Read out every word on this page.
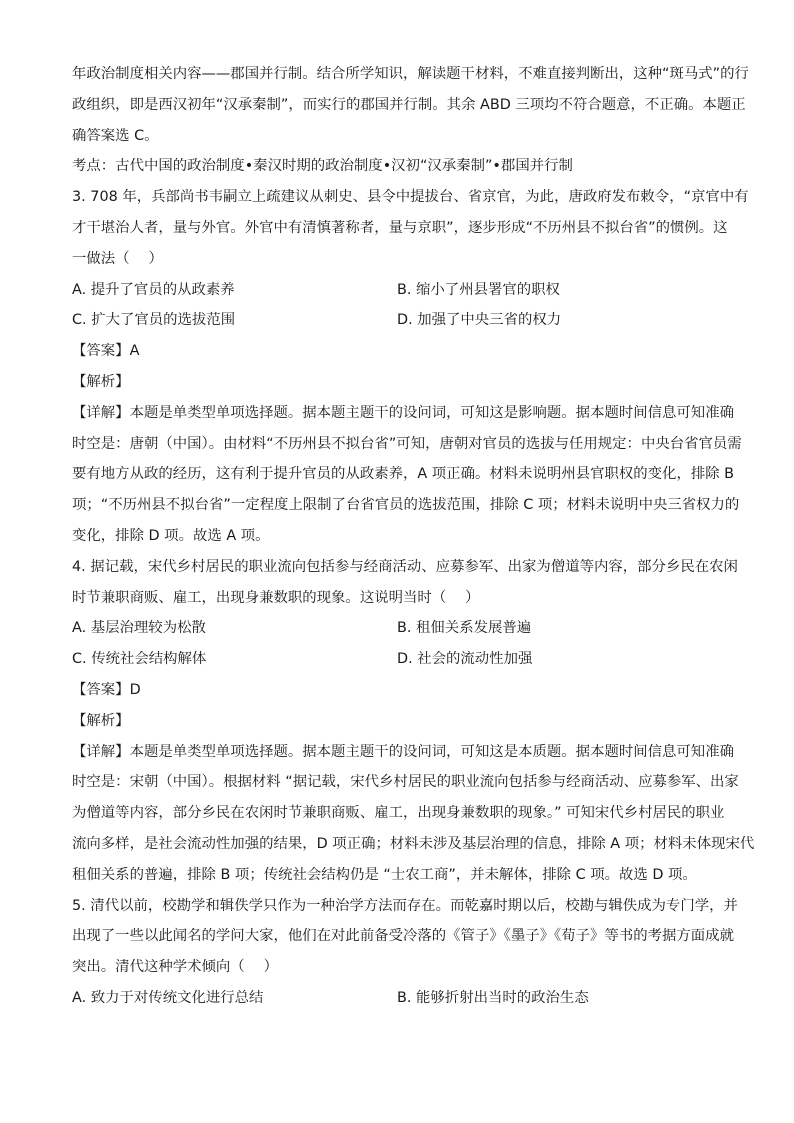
年政治制度相关内容——郡国并行制。结合所学知识，解读题干材料，不难直接判断出，这种“斑马式”的行
政组织，即是西汉初年“汉承秦制”，而实行的郡国并行制。其余 ABD 三项均不符合题意，不正确。本题正
确答案选 C。
考点：古代中国的政治制度•秦汉时期的政治制度•汉初“汉承秦制”•郡国并行制
3. 708 年，兵部尚书韦嗣立上疏建议从刺史、县令中提拔台、省京官，为此，唐政府发布敕令，“京官中有
才干堪治人者，量与外官。外官中有清慎著称者，量与京职”，逐步形成“不历州县不拟台省”的惯例。这
一做法（　 ）
A. 提升了官员的从政素养	B. 缩小了州县署官的职权
C. 扩大了官员的选拔范围	D. 加强了中央三省的权力
【答案】A
【解析】
【详解】本题是单类型单项选择题。据本题主题干的设问词，可知这是影响题。据本题时间信息可知准确
时空是：唐朝（中国）。由材料“不历州县不拟台省”可知，唐朝对官员的选拔与任用规定：中央台省官员需
要有地方从政的经历，这有利于提升官员的从政素养，A 项正确。材料未说明州县官职权的变化，排除 B
项；“不历州县不拟台省”一定程度上限制了台省官员的选拔范围，排除 C 项；材料未说明中央三省权力的
变化，排除 D 项。故选 A 项。
4. 据记载，宋代乡村居民的职业流向包括参与经商活动、应募参军、出家为僧道等内容，部分乡民在农闲
时节兼职商贩、雇工，出现身兼数职的现象。这说明当时（　 ）
A. 基层治理较为松散	B. 租佃关系发展普遍
C. 传统社会结构解体	D. 社会的流动性加强
【答案】D
【解析】
【详解】本题是单类型单项选择题。据本题主题干的设问词，可知这是本质题。据本题时间信息可知准确
时空是：宋朝（中国）。根据材料 “据记载，宋代乡村居民的职业流向包括参与经商活动、应募参军、出家
为僧道等内容，部分乡民在农闲时节兼职商贩、雇工，出现身兼数职的现象。” 可知宋代乡村居民的职业
流向多样，是社会流动性加强的结果，D 项正确；材料未涉及基层治理的信息，排除 A 项；材料未体现宋代
租佃关系的普遍，排除 B 项；传统社会结构仍是 “士农工商”，并未解体，排除 C 项。故选 D 项。
5. 清代以前，校勘学和辑佚学只作为一种治学方法而存在。而乾嘉时期以后，校勘与辑佚成为专门学，并
出现了一些以此闻名的学问大家，他们在对此前备受冷落的《管子》《墨子》《荀子》等书的考据方面成就
突出。清代这种学术倾向（　 ）
A. 致力于对传统文化进行总结	B. 能够折射出当时的政治生态
